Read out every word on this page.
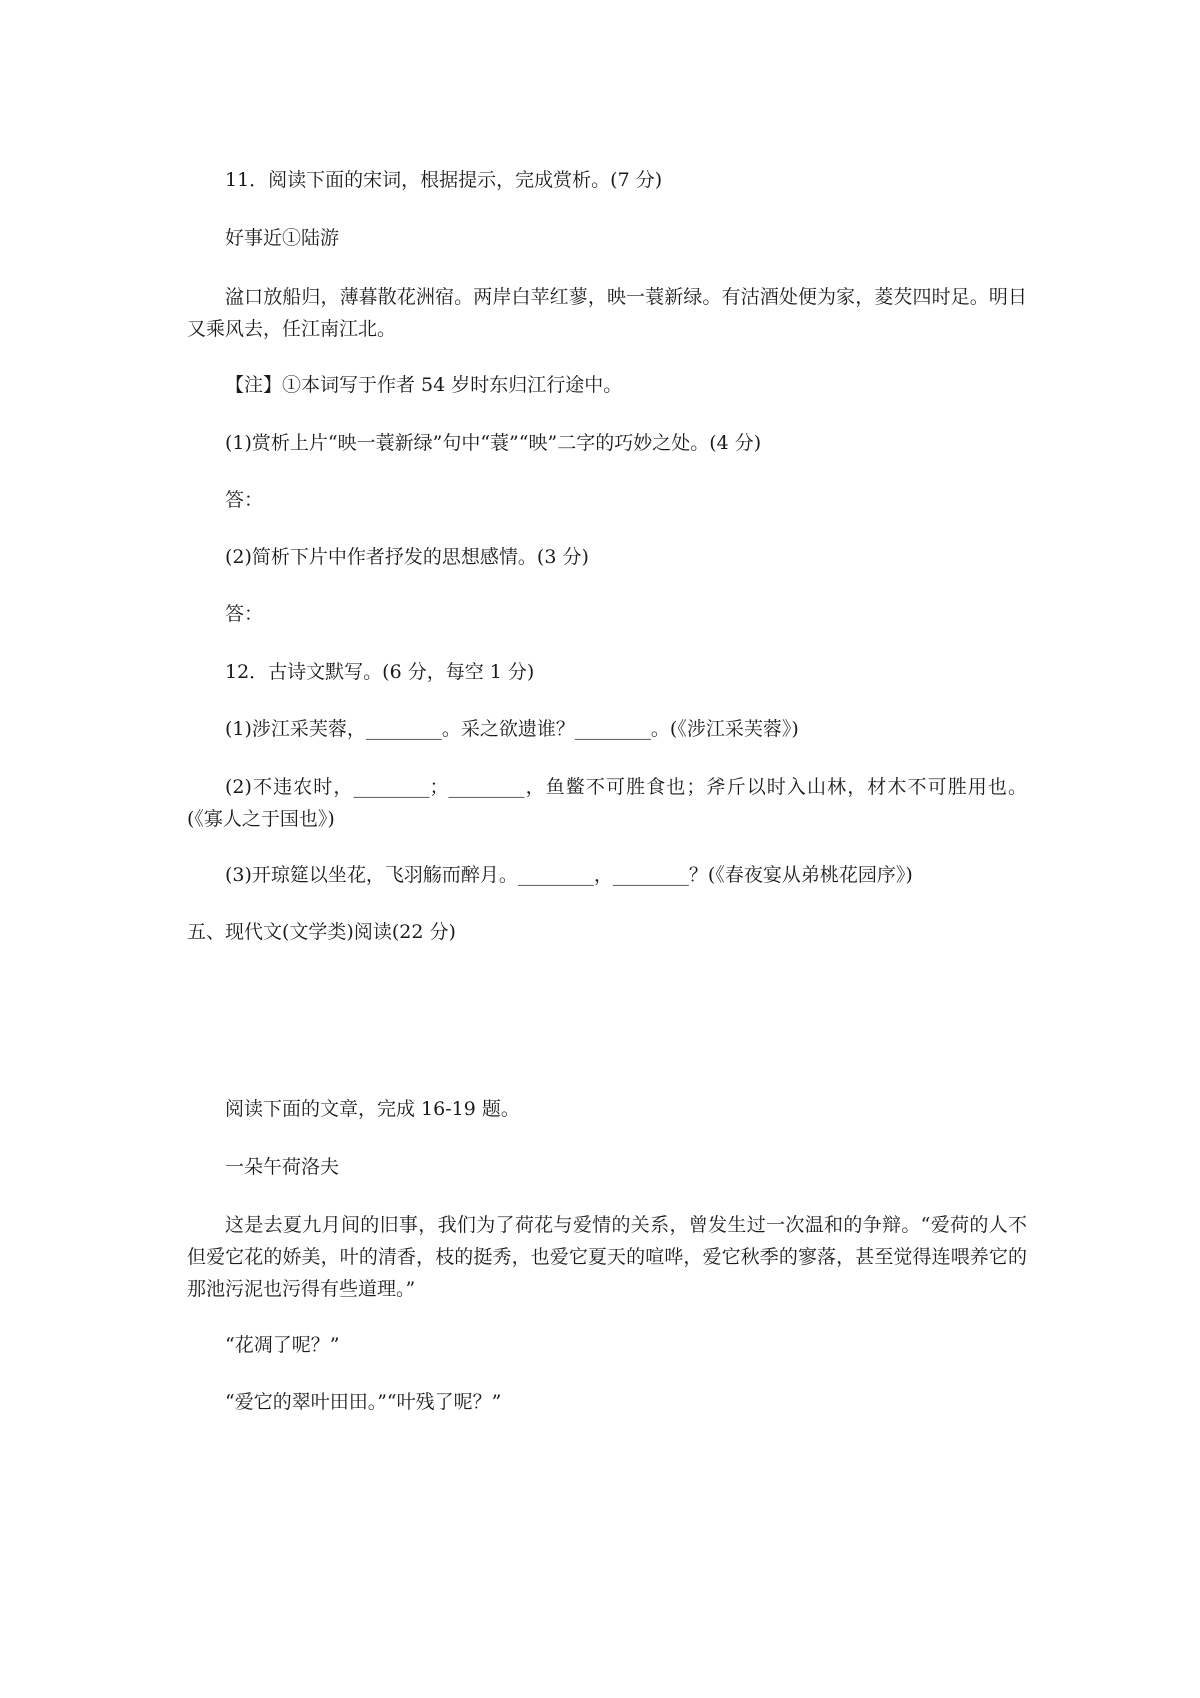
11．阅读下面的宋词，根据提示，完成赏析。(7 分)
好事近①陆游
湓口放船归，薄暮散花洲宿。两岸白苹红蓼，映一蓑新绿。有沽酒处便为家，菱芡四时足。明日又乘风去，任江南江北。
【注】①本词写于作者 54 岁时东归江行途中。
(1)赏析上片“映一蓑新绿”句中“蓑”“映”二字的巧妙之处。(4 分)
答：
(2)简析下片中作者抒发的思想感情。(3 分)
答：
12．古诗文默写。(6 分，每空 1 分)
(1)涉江采芙蓉，________。采之欲遗谁？________。(《涉江采芙蓉》)
(2)不违农时，________；________，鱼鳖不可胜食也；斧斤以时入山林，材木不可胜用也。(《寡人之于国也》)
(3)开琼筵以坐花，飞羽觞而醉月。________，________？(《春夜宴从弟桃花园序》)
五、现代文(文学类)阅读(22 分)
阅读下面的文章，完成 16-19 题。
一朵午荷洛夫
这是去夏九月间的旧事，我们为了荷花与爱情的关系，曾发生过一次温和的争辩。“爱荷的人不但爱它花的娇美，叶的清香，枝的挺秀，也爱它夏天的喧哗，爱它秋季的寥落，甚至觉得连喂养它的那池污泥也污得有些道理。”
“花凋了呢？”
“爱它的翠叶田田。”“叶残了呢？”
